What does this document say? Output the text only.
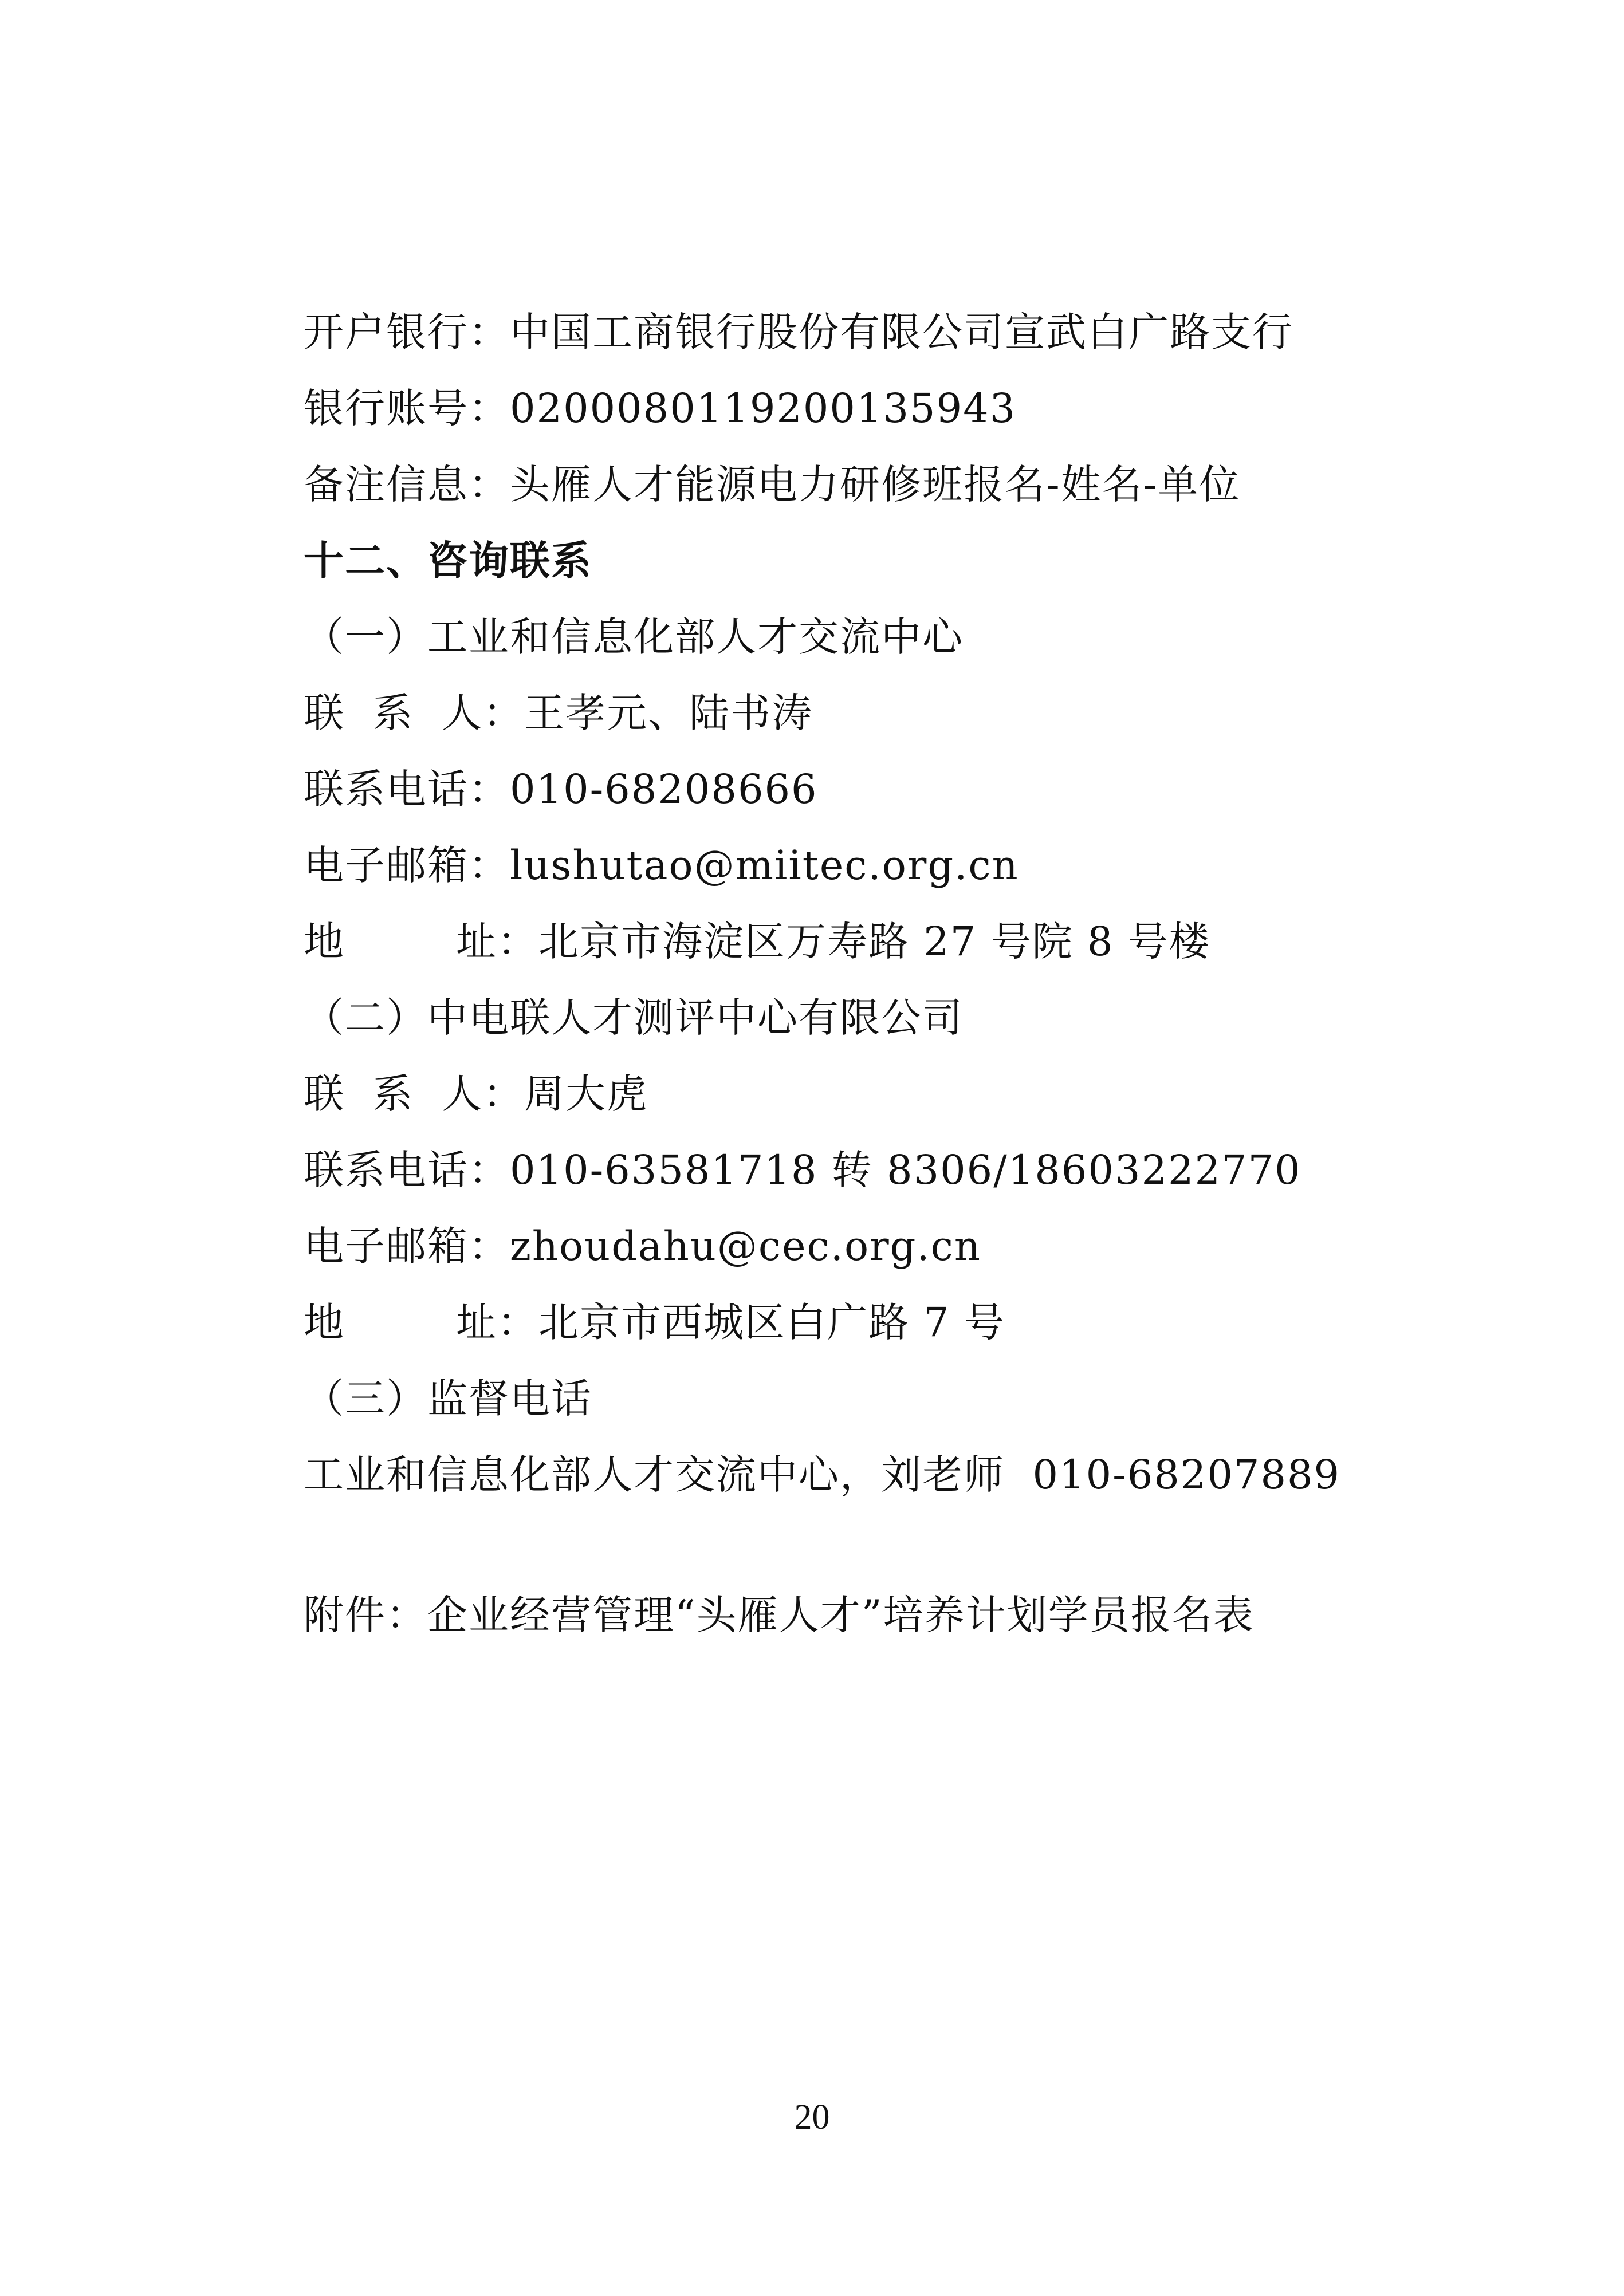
开户银行：中国工商银行股份有限公司宣武白广路支行
银行账号：0200080119200135943
备注信息：头雁人才能源电力研修班报名-姓名-单位
十二、咨询联系
（一）工业和信息化部人才交流中心
联  系  人：王孝元、陆书涛
联系电话：010-68208666
电子邮箱：lushutao@miitec.org.cn
地        址：北京市海淀区万寿路 27 号院 8 号楼
（二）中电联人才测评中心有限公司
联  系  人：周大虎
联系电话：010-63581718 转 8306/18603222770
电子邮箱：zhoudahu@cec.org.cn
地        址：北京市西城区白广路 7 号
（三）监督电话
工业和信息化部人才交流中心，刘老师  010-68207889
附件：企业经营管理“头雁人才”培养计划学员报名表
20
